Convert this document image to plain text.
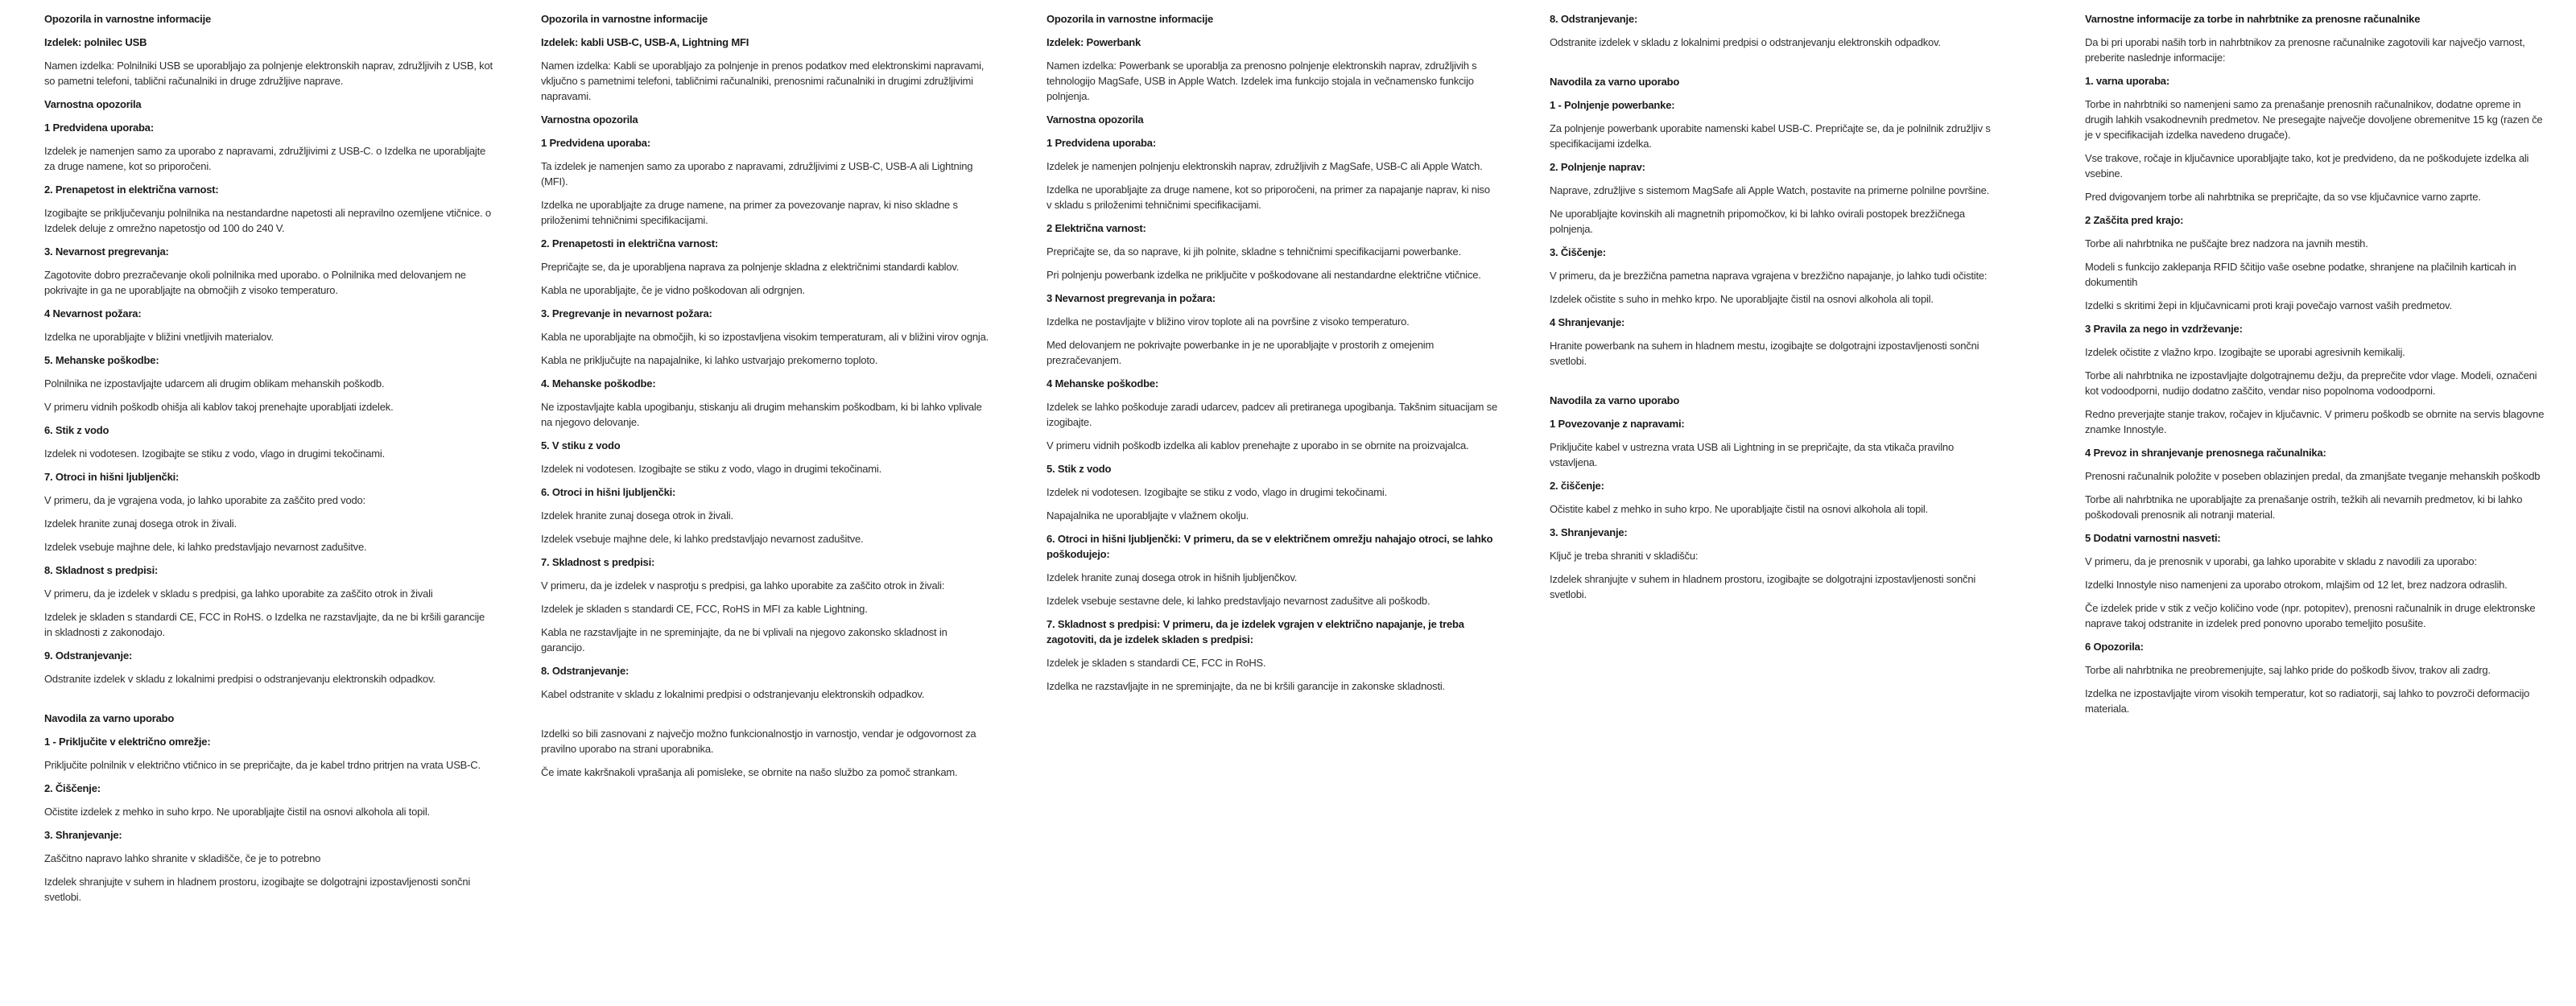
Opozorila in varnostne informacije
Izdelek: polnilec USB

Namen izdelka: Polnilniki USB se uporabljajo za polnjenje elektronskih naprav, združljivih z USB, kot so pametni telefoni, tablični računalniki in druge združljive naprave.

Varnostna opozorila
1 Predvidena uporaba:

Izdelek je namenjen samo za uporabo z napravami, združljivimi z USB-C. o Izdelka ne uporabljajte za druge namene, kot so priporočeni.

2. Prenapetost in električna varnost:

Izogibajte se priključevanju polnilnika na nestandardne napetosti ali nepravilno ozemljene vtičnice. o Izdelek deluje z omrežno napetostjo od 100 do 240 V.

3. Nevarnost pregrevanja:

Zagotovite dobro prezračevanje okoli polnilnika med uporabo. o Polnilnika med delovanjem ne pokrivajte in ga ne uporabljajte na območjih z visoko temperaturo.

4 Nevarnost požara:

Izdelka ne uporabljajte v bližini vnetljivih materialov.

5. Mehanske poškodbe:

Polnilnika ne izpostavljajte udarcem ali drugim oblikam mehanskih poškodb.

V primeru vidnih poškodb ohišja ali kablov takoj prenehajte uporabljati izdelek.

6. Stik z vodo

Izdelek ni vodotesen. Izogibajte se stiku z vodo, vlago in drugimi tekočinami.

7. Otroci in hišni ljubljenčki:

V primeru, da je vgrajena voda, jo lahko uporabite za zaščito pred vodo:

Izdelek hranite zunaj dosega otrok in živali.

Izdelek vsebuje majhne dele, ki lahko predstavljajo nevarnost zadušitve.

8. Skladnost s predpisi:

V primeru, da je izdelek v skladu s predpisi, ga lahko uporabite za zaščito otrok in živali

Izdelek je skladen s standardi CE, FCC in RoHS. o Izdelka ne razstavljajte, da ne bi kršili garancije in skladnosti z zakonodajo.

9. Odstranjevanje:

Odstranite izdelek v skladu z lokalnimi predpisi o odstranjevanju elektronskih odpadkov.

Navodila za varno uporabo
1 - Priključite v električno omrežje:

Priključite polnilnik v električno vtičnico in se prepričajte, da je kabel trdno pritrjen na vrata USB-C.

2. Čiščenje:

Očistite izdelek z mehko in suho krpo. Ne uporabljajte čistil na osnovi alkohola ali topil.

3. Shranjevanje:

Zaščitno napravo lahko shranite v skladišče, če je to potrebno

Izdelek shranjujte v suhem in hladnem prostoru, izogibajte se dolgotrajni izpostavljenosti sončni svetlobi.

Opozorila in varnostne informacije
Izdelek: kabli USB-C, USB-A, Lightning MFI

Namen izdelka: Kabli se uporabljajo za polnjenje in prenos podatkov med elektronskimi napravami, vključno s pametnimi telefoni, tabličnimi računalniki, prenosnimi računalniki in drugimi združljivimi napravami.

Varnostna opozorila
1 Predvidena uporaba:

Ta izdelek je namenjen samo za uporabo z napravami, združljivimi z USB-C, USB-A ali Lightning (MFI).

Izdelka ne uporabljajte za druge namene, na primer za povezovanje naprav, ki niso skladne s priloženimi tehničnimi specifikacijami.

2. Prenapetosti in električna varnost:

Prepričajte se, da je uporabljena naprava za polnjenje skladna z električnimi standardi kablov.

Kabla ne uporabljajte, če je vidno poškodovan ali odrgnjen.

3. Pregrevanje in nevarnost požara:

Kabla ne uporabljajte na območjih, ki so izpostavljena visokim temperaturam, ali v bližini virov ognja.

Kabla ne priključujte na napajalnike, ki lahko ustvarjajo prekomerno toploto.

4. Mehanske poškodbe:

Ne izpostavljajte kabla upogibanju, stiskanju ali drugim mehanskim poškodbam, ki bi lahko vplivale na njegovo delovanje.

5. V stiku z vodo

Izdelek ni vodotesen. Izogibajte se stiku z vodo, vlago in drugimi tekočinami.

6. Otroci in hišni ljubljenčki:

Izdelek hranite zunaj dosega otrok in živali.

Izdelek vsebuje majhne dele, ki lahko predstavljajo nevarnost zadušitve.

7. Skladnost s predpisi:

V primeru, da je izdelek v nasprotju s predpisi, ga lahko uporabite za zaščito otrok in živali:

Izdelek je skladen s standardi CE, FCC, RoHS in MFI za kable Lightning.

Kabla ne razstavljajte in ne spreminjajte, da ne bi vplivali na njegovo zakonsko skladnost in garancijo.

8. Odstranjevanje:

Kabel odstranite v skladu z lokalnimi predpisi o odstranjevanju elektronskih odpadkov.

Izdelki so bili zasnovani z največjo možno funkcionalnostjo in varnostjo, vendar je odgovornost za pravilno uporabo na strani uporabnika.

Če imate kakršnakoli vprašanja ali pomisleke, se obrnite na našo službo za pomoč strankam.

Opozorila in varnostne informacije
Izdelek: Powerbank

Namen izdelka: Powerbank se uporablja za prenosno polnjenje elektronskih naprav, združljivih s tehnologijo MagSafe, USB in Apple Watch. Izdelek ima funkcijo stojala in večnamensko funkcijo polnjenja.

Varnostna opozorila
1 Predvidena uporaba:

Izdelek je namenjen polnjenju elektronskih naprav, združljivih z MagSafe, USB-C ali Apple Watch.

Izdelka ne uporabljajte za druge namene, kot so priporočeni, na primer za napajanje naprav, ki niso v skladu s priloženimi tehničnimi specifikacijami.

2 Električna varnost:

Prepričajte se, da so naprave, ki jih polnite, skladne s tehničnimi specifikacijami powerbanke.

Pri polnjenju powerbank izdelka ne priključite v poškodovane ali nestandardne električne vtičnice.

3 Nevarnost pregrevanja in požara:

Izdelka ne postavljajte v bližino virov toplote ali na površine z visoko temperaturo.

Med delovanjem ne pokrivajte powerbanke in je ne uporabljajte v prostorih z omejenim prezračevanjem.

4 Mehanske poškodbe:

Izdelek se lahko poškoduje zaradi udarcev, padcev ali pretiranega upogibanja. Takšnim situacijam se izogibajte.

V primeru vidnih poškodb izdelka ali kablov prenehajte z uporabo in se obrnite na proizvajalca.

5. Stik z vodo

Izdelek ni vodotesen. Izogibajte se stiku z vodo, vlago in drugimi tekočinami.

Napajalnika ne uporabljajte v vlažnem okolju.

6. Otroci in hišni ljubljenčki: V primeru, da se v električnem omrežju nahajajo otroci, se lahko poškodujejo:

Izdelek hranite zunaj dosega otrok in hišnih ljubljenčkov.

Izdelek vsebuje sestavne dele, ki lahko predstavljajo nevarnost zadušitve ali poškodb.

7. Skladnost s predpisi: V primeru, da je izdelek vgrajen v električno napajanje, je treba zagotoviti, da je izdelek skladen s predpisi:

Izdelek je skladen s standardi CE, FCC in RoHS.

Izdelka ne razstavljajte in ne spreminjajte, da ne bi kršili garancije in zakonske skladnosti.

8. Odstranjevanje:

Odstranite izdelek v skladu z lokalnimi predpisi o odstranjevanju elektronskih odpadkov.

Navodila za varno uporabo
1 - Polnjenje powerbanke:

Za polnjenje powerbank uporabite namenski kabel USB-C. Prepričajte se, da je polnilnik združljiv s specifikacijami izdelka.

2. Polnjenje naprav:

Naprave, združljive s sistemom MagSafe ali Apple Watch, postavite na primerne polnilne površine.

Ne uporabljajte kovinskih ali magnetnih pripomočkov, ki bi lahko ovirali postopek brezžičnega polnjenja.

3. Čiščenje:

V primeru, da je brezžična pametna naprava vgrajena v brezžično napajanje, jo lahko tudi očistite:

Izdelek očistite s suho in mehko krpo. Ne uporabljajte čistil na osnovi alkohola ali topil.

4 Shranjevanje:

Hranite powerbank na suhem in hladnem mestu, izogibajte se dolgotrajni izpostavljenosti sončni svetlobi.

Navodila za varno uporabo
1 Povezovanje z napravami:

Priključite kabel v ustrezna vrata USB ali Lightning in se prepričajte, da sta vtikača pravilno vstavljena.

2. čiščenje:

Očistite kabel z mehko in suho krpo. Ne uporabljajte čistil na osnovi alkohola ali topil.

3. Shranjevanje:

Ključ je treba shraniti v skladišču:

Izdelek shranjujte v suhem in hladnem prostoru, izogibajte se dolgotrajni izpostavljenosti sončni svetlobi.

Varnostne informacije za torbe in nahrbtnike za prenosne računalnike

Da bi pri uporabi naših torb in nahrbtnikov za prenosne računalnike zagotovili kar največjo varnost, preberite naslednje informacije:

1. varna uporaba:

Torbe in nahrbtniki so namenjeni samo za prenašanje prenosnih računalnikov, dodatne opreme in drugih lahkih vsakodnevnih predmetov. Ne presegajte največje dovoljene obremenitve 15 kg (razen če je v specifikacijah izdelka navedeno drugače).

Vse trakove, ročaje in ključavnice uporabljajte tako, kot je predvideno, da ne poškodujete izdelka ali vsebine.

Pred dvigovanjem torbe ali nahrbtnika se prepričajte, da so vse ključavnice varno zaprte.

2 Zaščita pred krajo:

Torbe ali nahrbtnika ne puščajte brez nadzora na javnih mestih.

Modeli s funkcijo zaklepanja RFID ščitijo vaše osebne podatke, shranjene na plačilnih karticah in dokumentih

Izdelki s skritimi žepi in ključavnicami proti kraji povečajo varnost vaših predmetov.

3 Pravila za nego in vzdrževanje:

Izdelek očistite z vlažno krpo. Izogibajte se uporabi agresivnih kemikalij.

Torbe ali nahrbtnika ne izpostavljajte dolgotrajnemu dežju, da preprečite vdor vlage. Modeli, označeni kot vodoodporni, nudijo dodatno zaščito, vendar niso popolnoma vodoodporni.

Redno preverjajte stanje trakov, ročajev in ključavnic. V primeru poškodb se obrnite na servis blagovne znamke Innostyle.

4 Prevoz in shranjevanje prenosnega računalnika:

Prenosni računalnik položite v poseben oblazinjen predal, da zmanjšate tveganje mehanskih poškodb

Torbe ali nahrbtnika ne uporabljajte za prenašanje ostrih, težkih ali nevarnih predmetov, ki bi lahko poškodovali prenosnik ali notranji material.

5 Dodatni varnostni nasveti:

V primeru, da je prenosnik v uporabi, ga lahko uporabite v skladu z navodili za uporabo:

Izdelki Innostyle niso namenjeni za uporabo otrokom, mlajšim od 12 let, brez nadzora odraslih.

Če izdelek pride v stik z večjo količino vode (npr. potopitev), prenosni računalnik in druge elektronske naprave takoj odstranite in izdelek pred ponovno uporabo temeljito posušite.

6 Opozorila:

Torbe ali nahrbtnika ne preobremenjujte, saj lahko pride do poškodb šivov, trakov ali zadrg.

Izdelka ne izpostavljajte virom visokih temperatur, kot so radiatorji, saj lahko to povzroči deformacijo materiala.
